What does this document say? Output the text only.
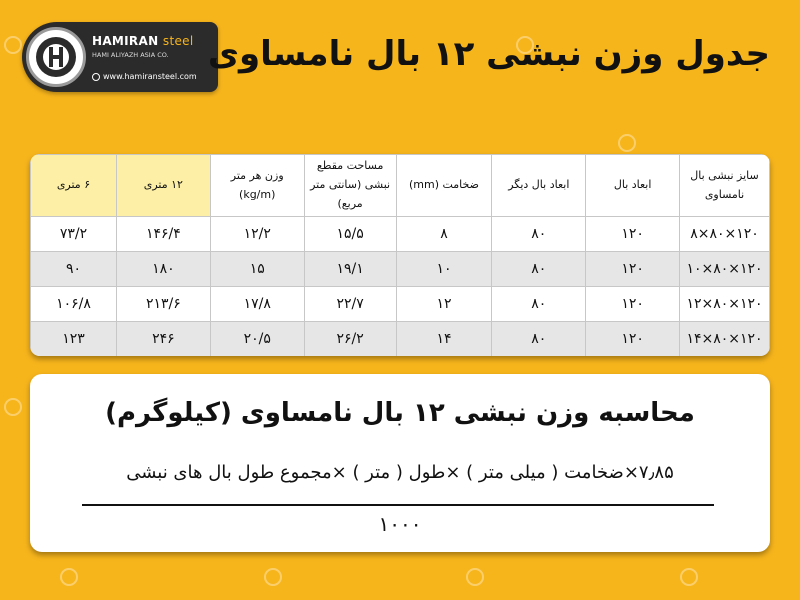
HAMIRAN steel
HAMI ALIYAZH ASIA CO.
www.hamiransteel.com
جدول وزن نبشی ۱۲ بال نامساوی
سایز نبشی بال نامساوی	ابعاد بال	ابعاد بال دیگر	ضخامت (mm)	مساحت مقطع نبشی (سانتی متر مربع)	وزن هر متر (kg/m)	۱۲ متری	۶ متری
۱۲۰×۸۰×۸	۱۲۰	۸۰	۸	۱۵/۵	۱۲/۲	۱۴۶/۴	۷۳/۲
۱۲۰×۸۰×۱۰	۱۲۰	۸۰	۱۰	۱۹/۱	۱۵	۱۸۰	۹۰
۱۲۰×۸۰×۱۲	۱۲۰	۸۰	۱۲	۲۲/۷	۱۷/۸	۲۱۳/۶	۱۰۶/۸
۱۲۰×۸۰×۱۴	۱۲۰	۸۰	۱۴	۲۶/۲	۲۰/۵	۲۴۶	۱۲۳
محاسبه وزن نبشی ۱۲ بال نامساوی (کیلوگرم)
۷٫۸۵×ضخامت ( میلی متر ) ×طول ( متر ) ×مجموع طول بال های نبشی
۱۰۰۰
